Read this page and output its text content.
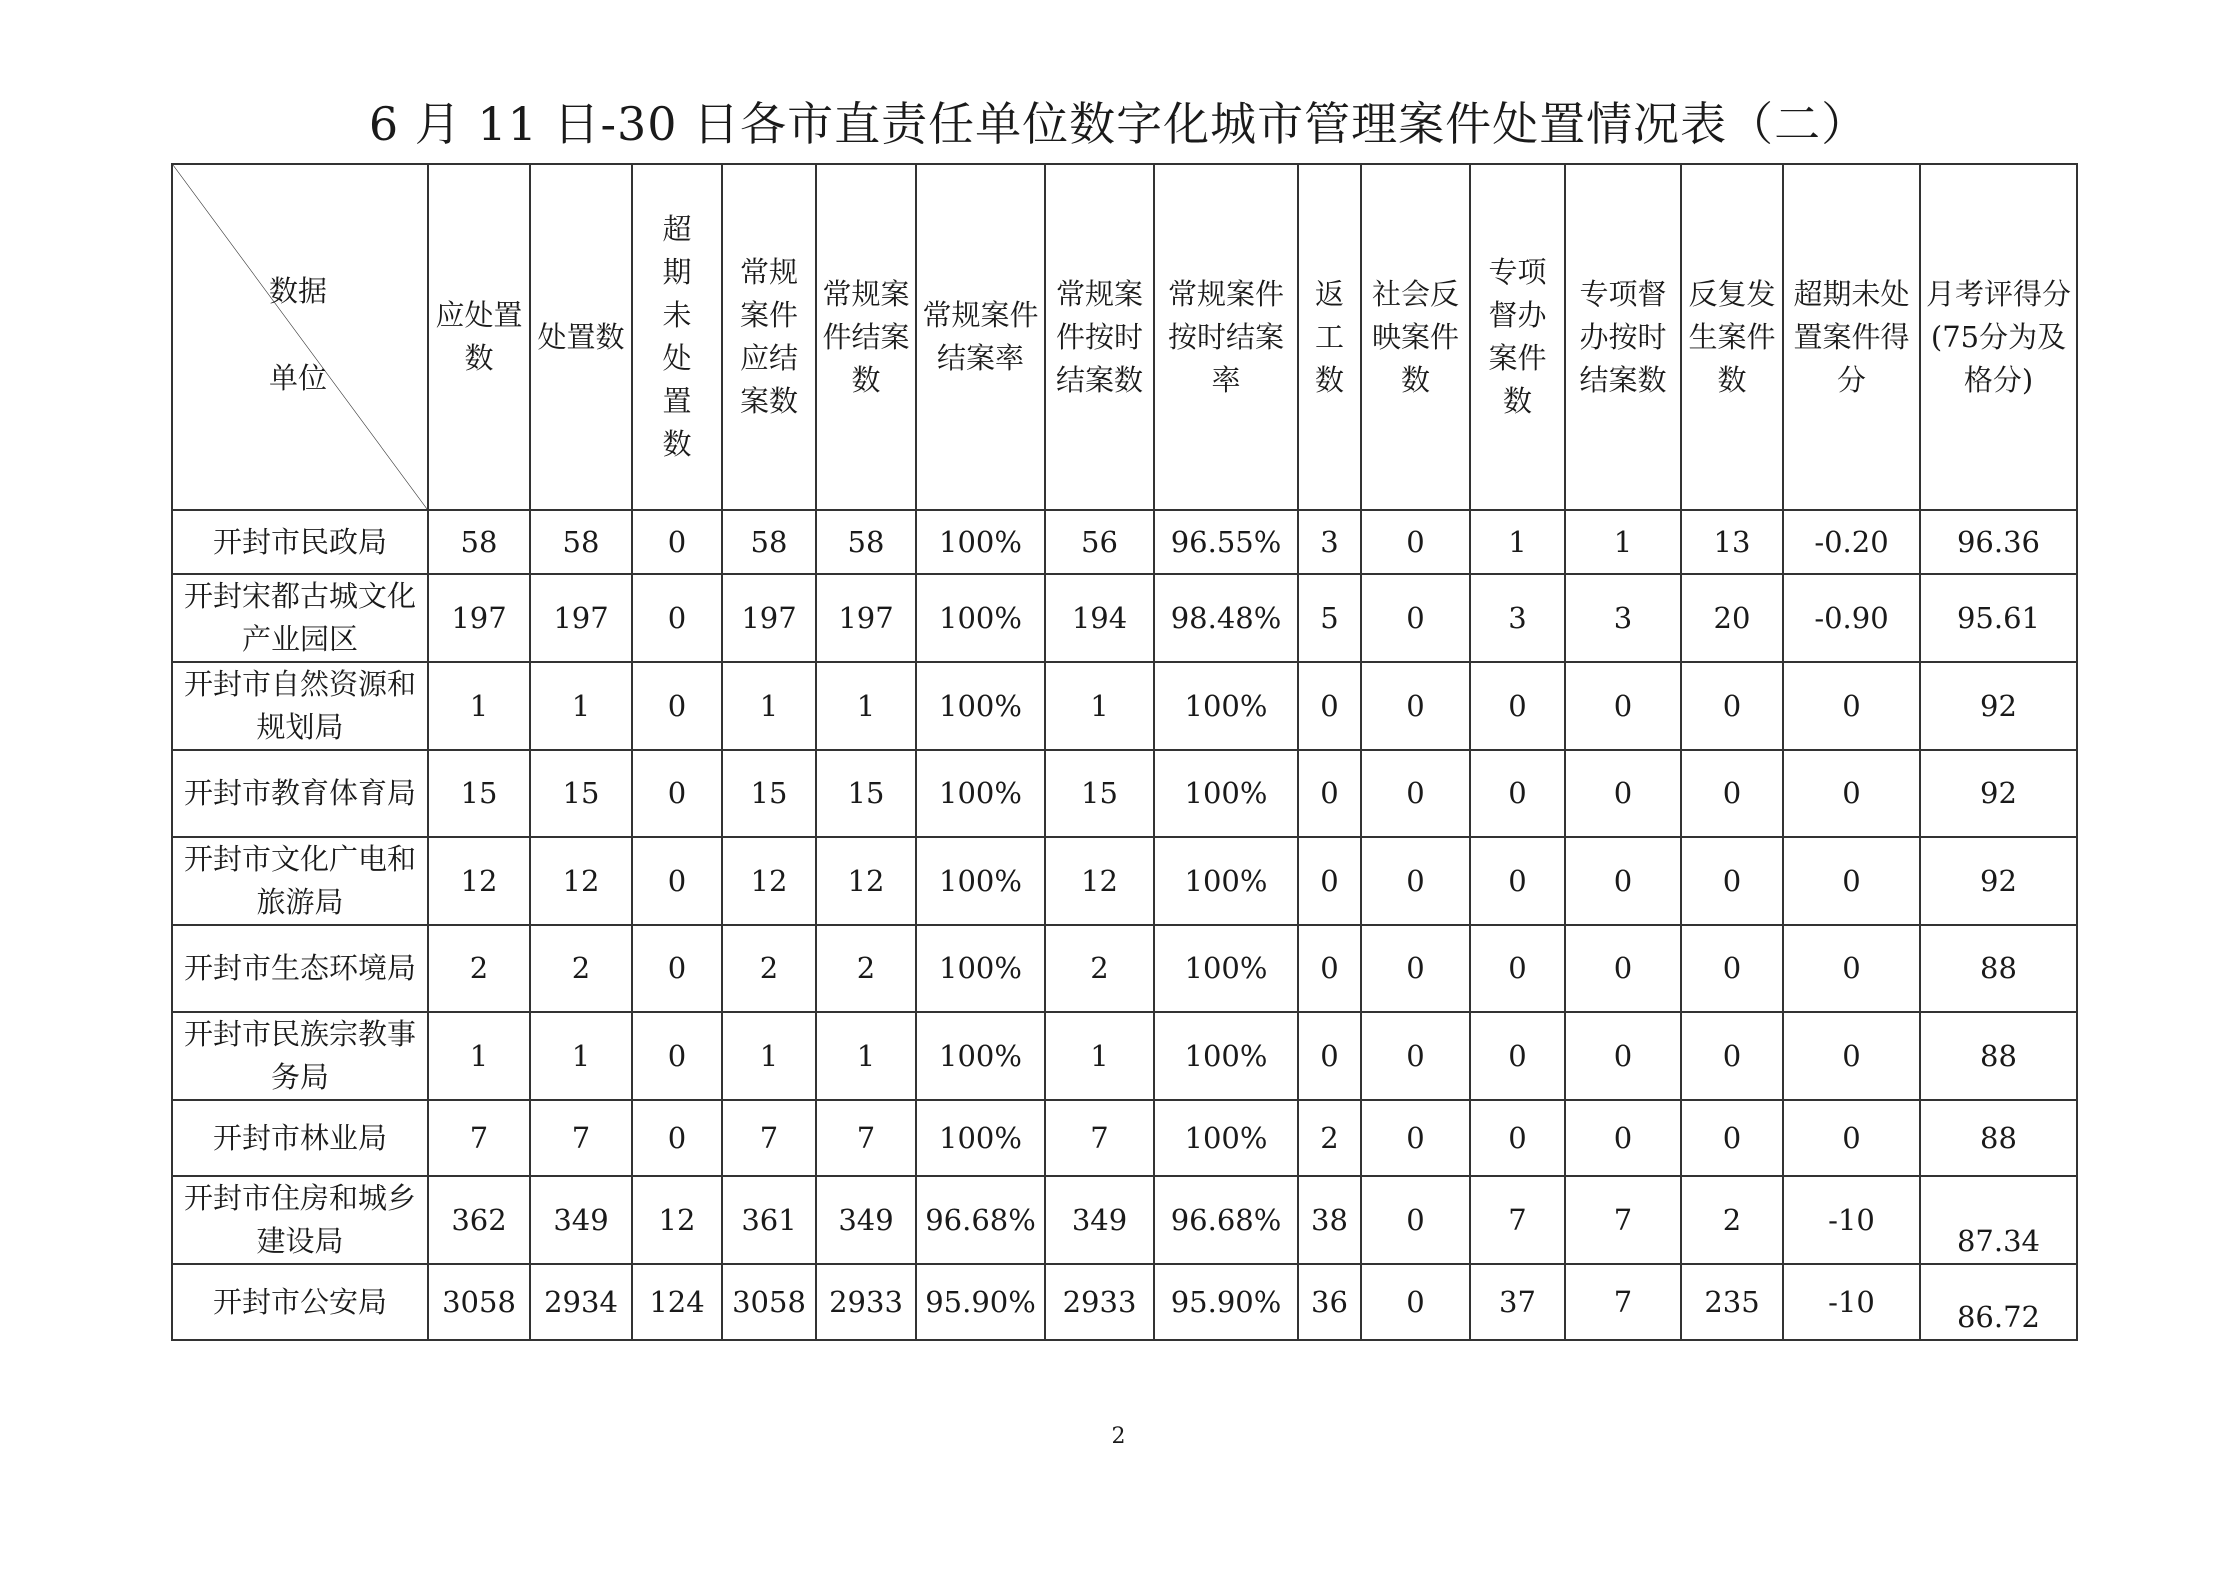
6 月 11 日-30 日各市直责任单位数字化城市管理案件处置情况表（二）
数据
单位	应处置数	处置数	超期未处置数	常规案件应结案数	常规案件结案数	常规案件结案率	常规案件按时结案数	常规案件按时结案率	返工数	社会反映案件数	专项督办案件数	专项督办按时结案数	反复发生案件数	超期未处置案件得分	月考评得分(75分为及格分)
开封市民政局	58	58	0	58	58	100%	56	96.55%	3	0	1	1	13	-0.20	96.36
开封宋都古城文化产业园区	197	197	0	197	197	100%	194	98.48%	5	0	3	3	20	-0.90	95.61
开封市自然资源和规划局	1	1	0	1	1	100%	1	100%	0	0	0	0	0	0	92
开封市教育体育局	15	15	0	15	15	100%	15	100%	0	0	0	0	0	0	92
开封市文化广电和旅游局	12	12	0	12	12	100%	12	100%	0	0	0	0	0	0	92
开封市生态环境局	2	2	0	2	2	100%	2	100%	0	0	0	0	0	0	88
开封市民族宗教事务局	1	1	0	1	1	100%	1	100%	0	0	0	0	0	0	88
开封市林业局	7	7	0	7	7	100%	7	100%	2	0	0	0	0	0	88
开封市住房和城乡建设局	362	349	12	361	349	96.68%	349	96.68%	38	0	7	7	2	-10	87.34
开封市公安局	3058	2934	124	3058	2933	95.90%	2933	95.90%	36	0	37	7	235	-10	86.72
2
